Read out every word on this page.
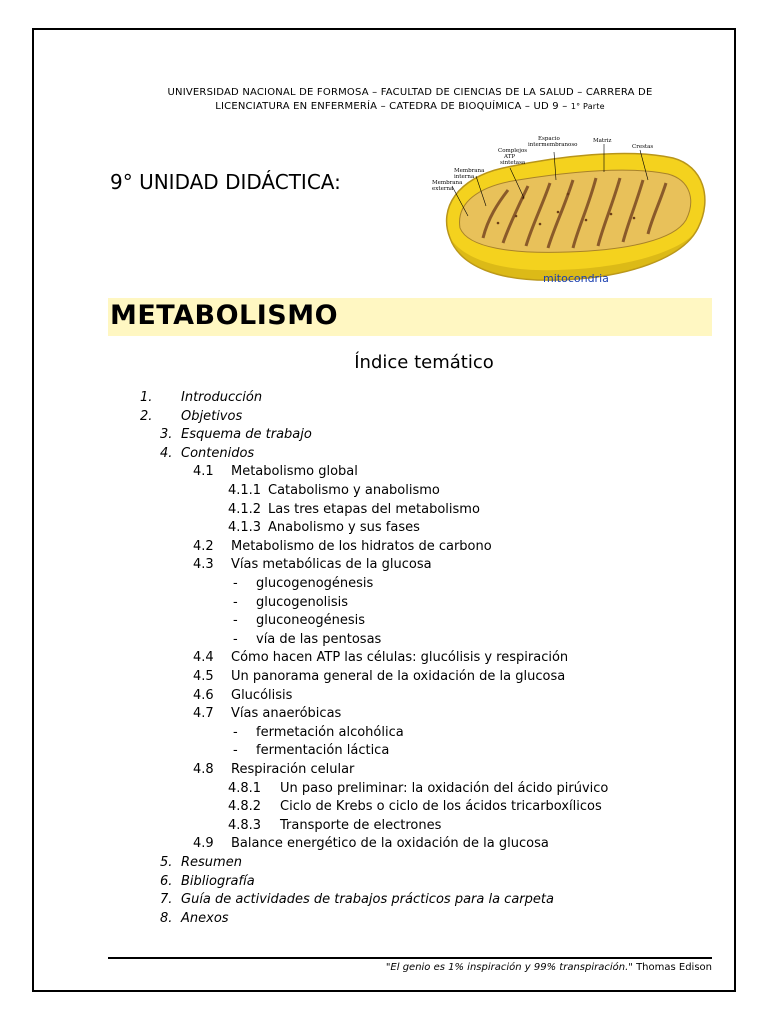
UNIVERSIDAD NACIONAL DE FORMOSA – FACULTAD DE CIENCIAS DE LA SALUD – CARRERA DE
LICENCIATURA EN ENFERMERÍA – CATEDRA DE BIOQUÍMICA – UD 9 – 1° Parte
9° UNIDAD DIDÁCTICA:	Membrana
externa
Membrana
interna
Complejos
ATP
sintetasa
Espacio
intermembranoso
Matriz
Crestas
mitocondria
METABOLISMO
Índice temático
1. Introducción
2. Objetivos
3. Esquema de trabajo
4. Contenidos
4.1 Metabolismo global
4.1.1 Catabolismo y anabolismo
4.1.2 Las tres etapas del metabolismo
4.1.3 Anabolismo y sus fases
4.2 Metabolismo de los hidratos de carbono
4.3 Vías metabólicas de la glucosa
- glucogenogénesis
- glucogenolisis
- gluconeogénesis
- vía de las pentosas
4.4 Cómo hacen ATP las células: glucólisis y respiración
4.5 Un panorama general de la oxidación de la glucosa
4.6 Glucólisis
4.7 Vías anaeróbicas
- fermetación alcohólica
- fermentación láctica
4.8 Respiración celular
4.8.1 Un paso preliminar: la oxidación del ácido pirúvico
4.8.2 Ciclo de Krebs o ciclo de los ácidos tricarboxílicos
4.8.3 Transporte de electrones
4.9 Balance energético de la oxidación de la glucosa
5. Resumen
6. Bibliografía
7. Guía de actividades de trabajos prácticos para la carpeta
8. Anexos
"El genio es 1% inspiración y 99% transpiración." Thomas Edison
